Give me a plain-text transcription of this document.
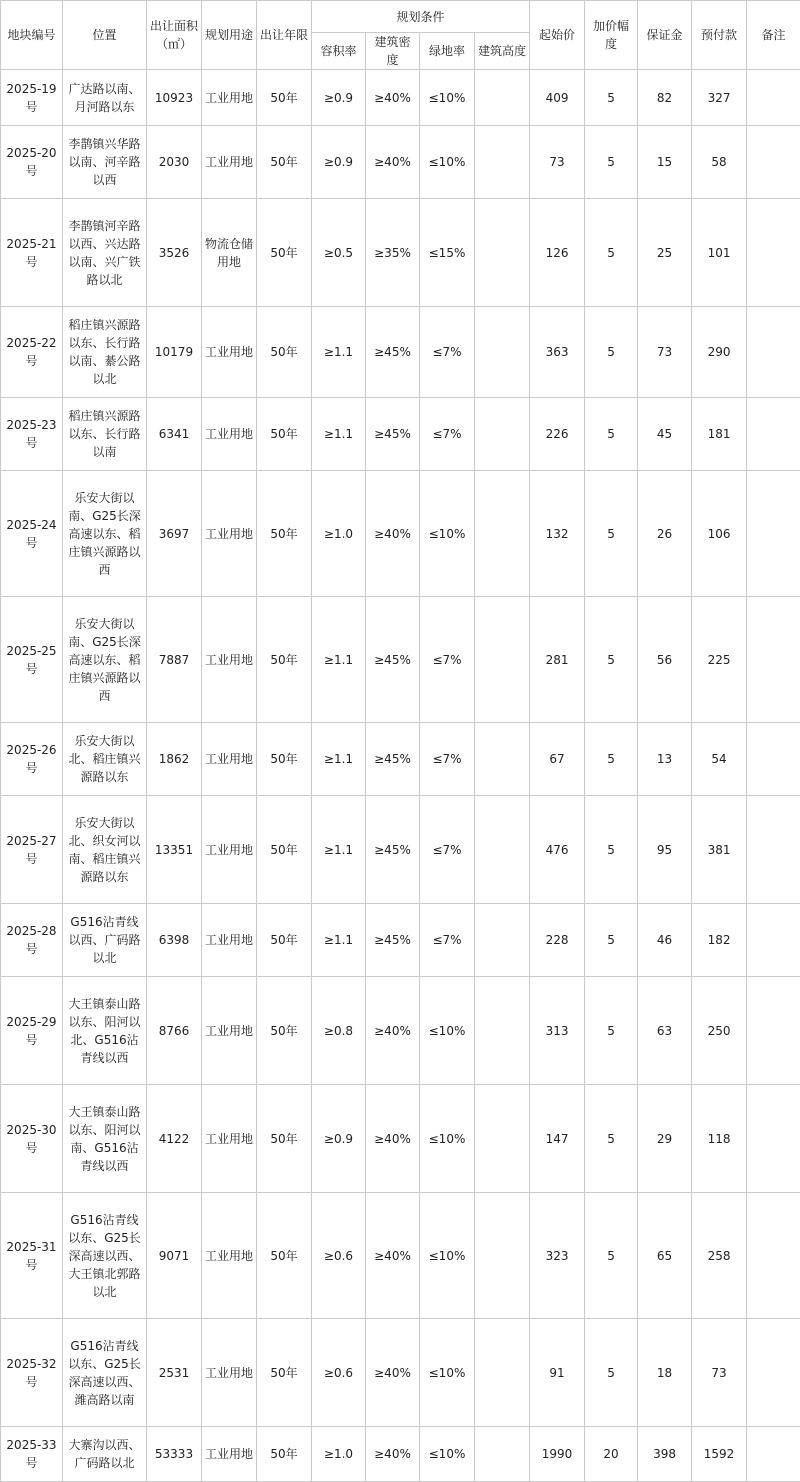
地块编号	位置	出让面积（㎡）	规划用途	出让年限	规划条件				起始价	加价幅度	保证金	预付款	备注
					容积率	建筑密度	绿地率	建筑高度					
2025-19号	广达路以南、月河路以东	10923	工业用地	50年	≥0.9	≥40%	≤10%		409	5	82	327	
2025-20号	李鹊镇兴华路以南、河辛路以西	2030	工业用地	50年	≥0.9	≥40%	≤10%		73	5	15	58	
2025-21号	李鹊镇河辛路以西、兴达路以南、兴广铁路以北	3526	物流仓储用地	50年	≥0.5	≥35%	≤15%		126	5	25	101	
2025-22号	稻庄镇兴源路以东、长行路以南、綦公路以北	10179	工业用地	50年	≥1.1	≥45%	≤7%		363	5	73	290	
2025-23号	稻庄镇兴源路以东、长行路以南	6341	工业用地	50年	≥1.1	≥45%	≤7%		226	5	45	181	
2025-24号	乐安大街以南、G25长深高速以东、稻庄镇兴源路以西	3697	工业用地	50年	≥1.0	≥40%	≤10%		132	5	26	106	
2025-25号	乐安大街以南、G25长深高速以东、稻庄镇兴源路以西	7887	工业用地	50年	≥1.1	≥45%	≤7%		281	5	56	225	
2025-26号	乐安大街以北、稻庄镇兴源路以东	1862	工业用地	50年	≥1.1	≥45%	≤7%		67	5	13	54	
2025-27号	乐安大街以北、织女河以南、稻庄镇兴源路以东	13351	工业用地	50年	≥1.1	≥45%	≤7%		476	5	95	381	
2025-28号	G516沾青线以西、广码路以北	6398	工业用地	50年	≥1.1	≥45%	≤7%		228	5	46	182	
2025-29号	大王镇泰山路以东、阳河以北、G516沾青线以西	8766	工业用地	50年	≥0.8	≥40%	≤10%		313	5	63	250	
2025-30号	大王镇泰山路以东、阳河以南、G516沾青线以西	4122	工业用地	50年	≥0.9	≥40%	≤10%		147	5	29	118	
2025-31号	G516沾青线以东、G25长深高速以西、大王镇北郭路以北	9071	工业用地	50年	≥0.6	≥40%	≤10%		323	5	65	258	
2025-32号	G516沾青线以东、G25长深高速以西、潍高路以南	2531	工业用地	50年	≥0.6	≥40%	≤10%		91	5	18	73	
2025-33号	大寨沟以西、广码路以北	53333	工业用地	50年	≥1.0	≥40%	≤10%		1990	20	398	1592	
